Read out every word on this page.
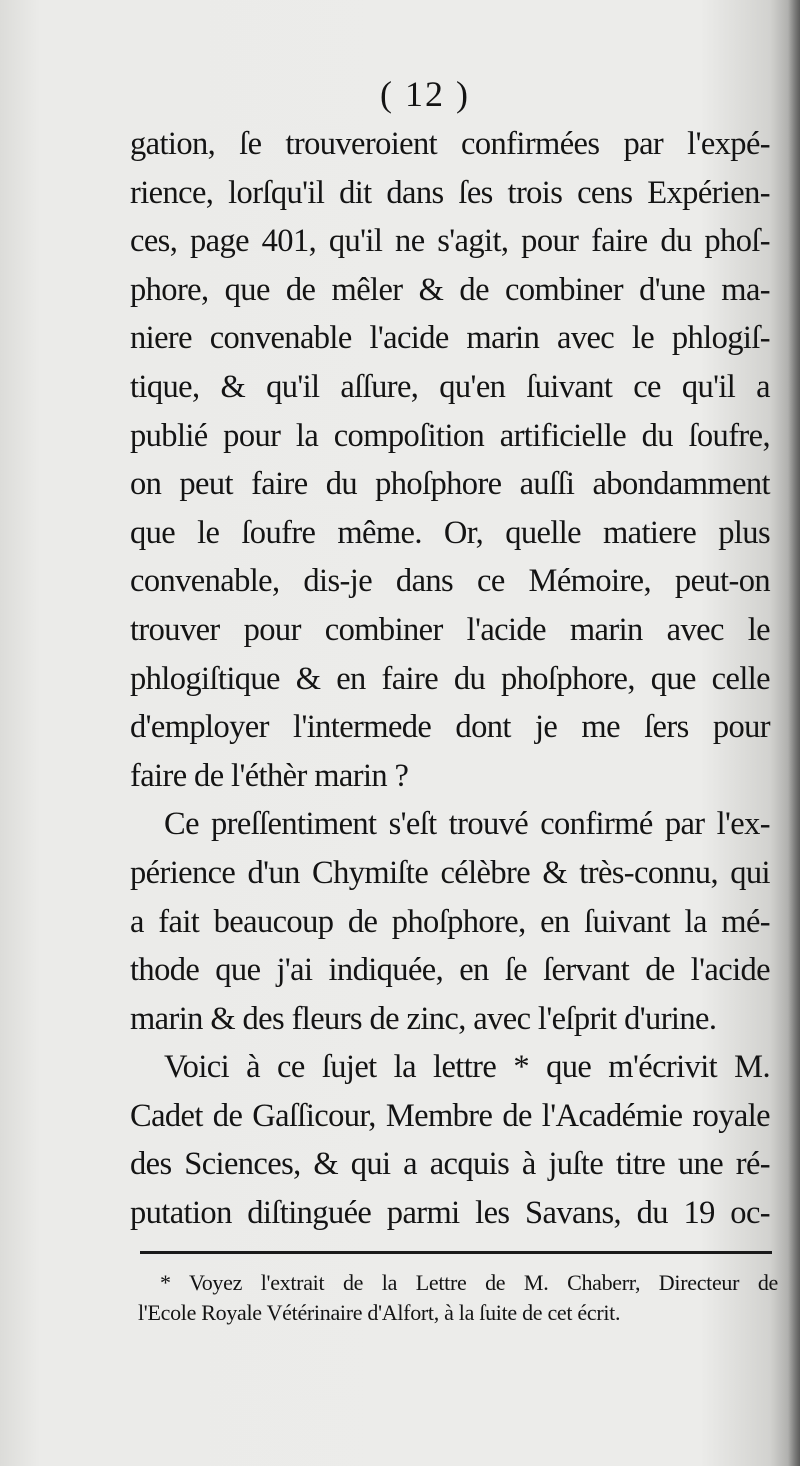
( 12 )
gation, ſe trouveroient confirmées par l'expé-
rience, lorſqu'il dit dans ſes trois cens Expérien-
ces, page 401, qu'il ne s'agit, pour faire du phoſ-
phore, que de mêler & de combiner d'une ma-
niere convenable l'acide marin avec le phlogiſ-
tique, & qu'il aſſure, qu'en ſuivant ce qu'il a
publié pour la compoſition artificielle du ſoufre,
on peut faire du phoſphore auſſi abondamment
que le ſoufre même. Or, quelle matiere plus
convenable, dis-je dans ce Mémoire, peut-on
trouver pour combiner l'acide marin avec le
phlogiſtique & en faire du phoſphore, que celle
d'employer l'intermede dont je me ſers pour
faire de l'éthèr marin ?
Ce preſſentiment s'eſt trouvé confirmé par l'ex-
périence d'un Chymiſte célèbre & très-connu, qui
a fait beaucoup de phoſphore, en ſuivant la mé-
thode que j'ai indiquée, en ſe ſervant de l'acide
marin & des fleurs de zinc, avec l'eſprit d'urine.
Voici à ce ſujet la lettre * que m'écrivit M.
Cadet de Gaſſicour, Membre de l'Académie royale
des Sciences, & qui a acquis à juſte titre une ré-
putation diſtinguée parmi les Savans, du 19 oc-
* Voyez l'extrait de la Lettre de M. Chaberr, Directeur de
l'Ecole Royale Vétérinaire d'Alfort, à la ſuite de cet écrit.
